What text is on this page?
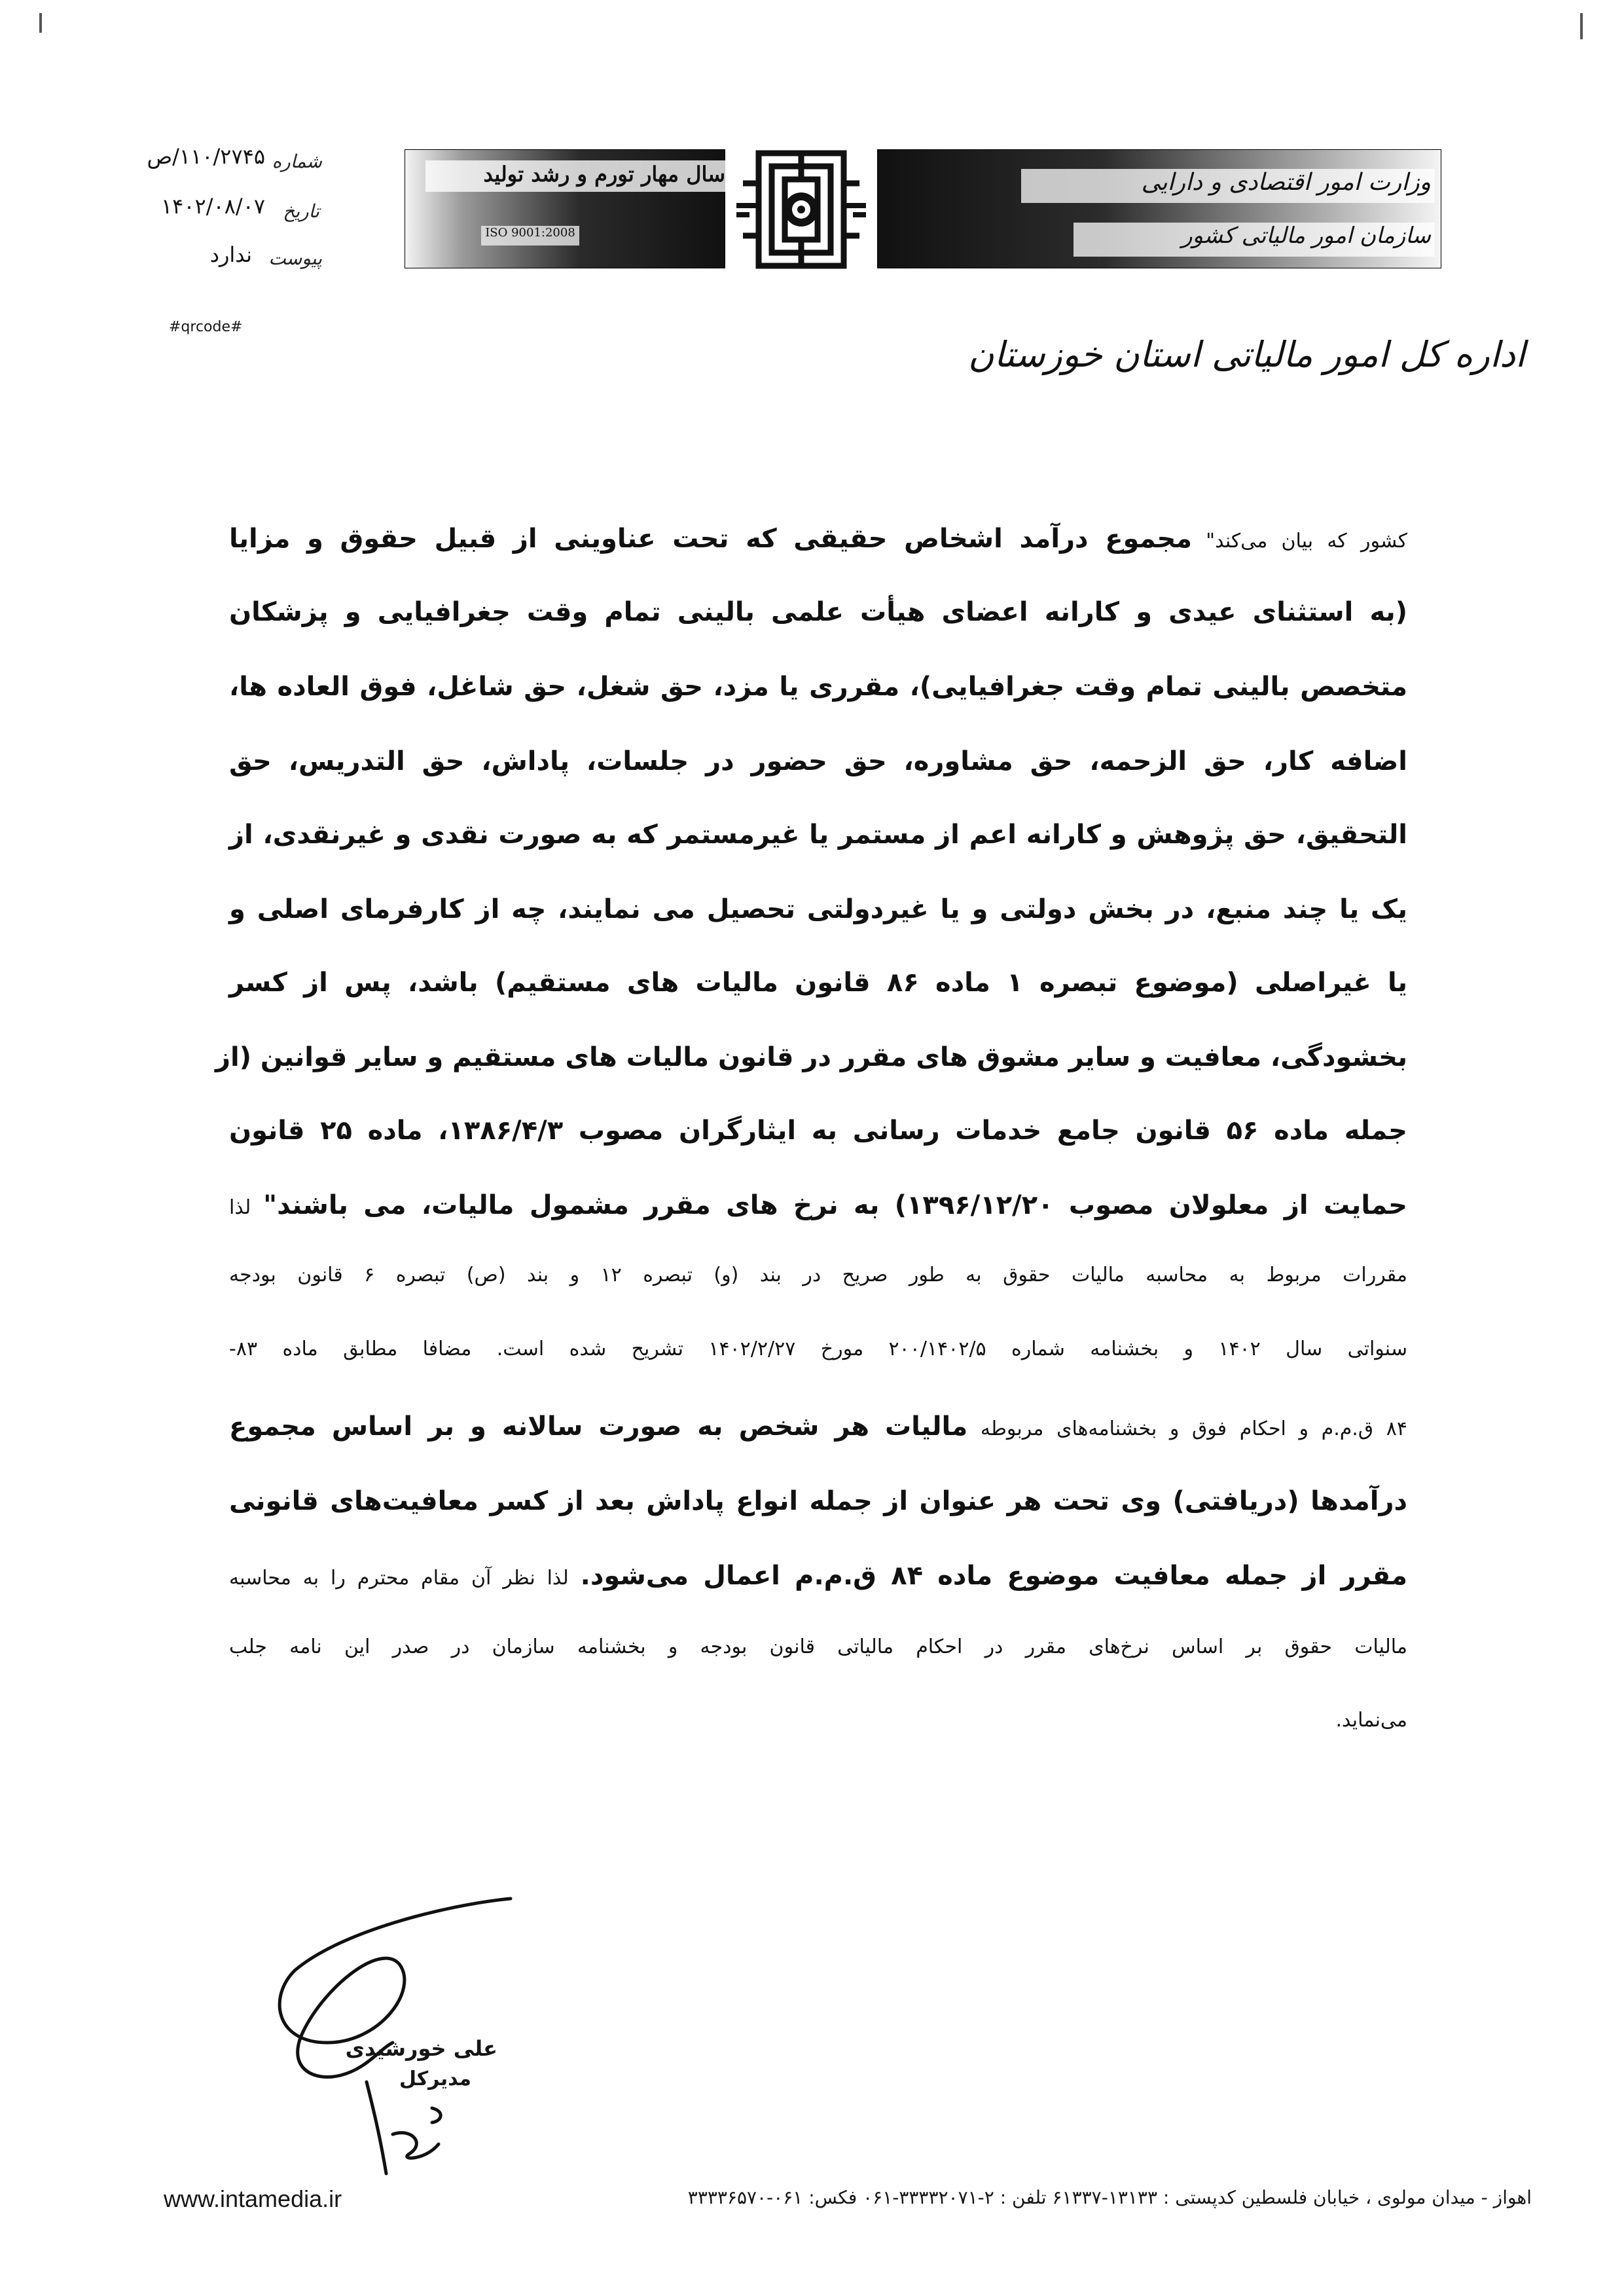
سال مهار تورم و رشد تولید
ISO 9001:2008
وزارت امور اقتصادی و دارایی
سازمان امور مالیاتی کشور
شماره
۱۱۰/۲۷۴۵/ص
تاریخ
۱۴۰۲/۰۸/۰۷
پیوست
ندارد
#qrcode#
اداره کل امور مالیاتی استان خوزستان
کشور که بیان می‌کند" مجموع درآمد اشخاص حقیقی که تحت عناوینی از قبیل حقوق و مزایا
(به استثنای عیدی و کارانه اعضای هیأت علمی بالینی تمام وقت جغرافیایی و پزشکان
متخصص بالینی تمام وقت جغرافیایی)، مقرری یا مزد، حق شغل، حق شاغل، فوق العاده ها،
اضافه کار، حق الزحمه، حق مشاوره، حق حضور در جلسات، پاداش، حق التدریس، حق
التحقیق، حق پژوهش و کارانه اعم از مستمر یا غیرمستمر که به صورت نقدی و غیرنقدی، از
یک یا چند منبع، در بخش دولتی و یا غیردولتی تحصیل می نمایند، چه از کارفرمای اصلی و
یا غیراصلی (موضوع تبصره ۱ ماده ۸۶ قانون مالیات های مستقیم) باشد، پس از کسر
بخشودگی، معافیت و سایر مشوق های مقرر در قانون مالیات های مستقیم و سایر قوانین (از
جمله ماده ۵۶ قانون جامع خدمات رسانی به ایثارگران مصوب ۱۳۸۶/۴/۳، ماده ۲۵ قانون
حمایت از معلولان مصوب ۱۳۹۶/۱۲/۲۰) به نرخ های مقرر مشمول مالیات، می باشند" لذا
مقررات مربوط به محاسبه مالیات حقوق به طور صریح در بند (و) تبصره ۱۲ و بند (ص) تبصره ۶ قانون بودجه
سنواتی سال ۱۴۰۲ و بخشنامه شماره ۲۰۰/۱۴۰۲/۵ مورخ ۱۴۰۲/۲/۲۷ تشریح شده است. مضافا مطابق ماده ۸۳-
۸۴ ق.م.م و احکام فوق و بخشنامه‌های مربوطه مالیات هر شخص به صورت سالانه و بر اساس مجموع
درآمدها (دریافتی) وی تحت هر عنوان از جمله انواع پاداش بعد از کسر معافیت‌های قانونی
مقرر از جمله معافیت موضوع ماده ۸۴ ق.م.م اعمال می‌شود. لذا نظر آن مقام محترم را به محاسبه
مالیات حقوق بر اساس نرخ‌های مقرر در احکام مالیاتی قانون بودجه و بخشنامه سازمان در صدر این نامه جلب
می‌نماید.
علی خورشیدی
مدیرکل
www.intamedia.ir	اهواز - میدان مولوی ، خیابان فلسطین کدپستی : ۱۳۱۳۳-۶۱۳۳۷ تلفن : ۲-۳۳۳۳۲۰۷۱-۰۶۱ فکس: ۰۶۱-۳۳۳۳۶۵۷۰
